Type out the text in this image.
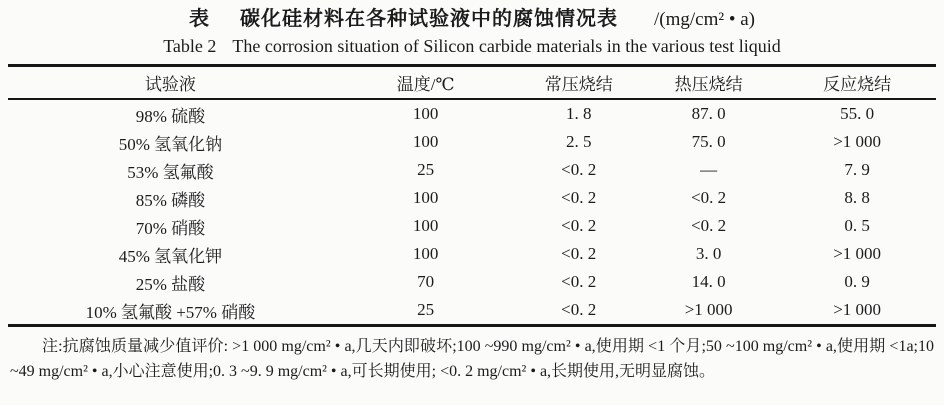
表 碳化硅材料在各种试验液中的腐蚀情况表 /(mg/cm² • a)
Table 2 The corrosion situation of Silicon carbide materials in the various test liquid
试验液	温度/℃	常压烧结	热压烧结	反应烧结
98% 硫酸	100	1. 8	87. 0	55. 0
50% 氢氧化钠	100	2. 5	75. 0	>1 000
53% 氢氟酸	25	<0. 2	—	7. 9
85% 磷酸	100	<0. 2	<0. 2	8. 8
70% 硝酸	100	<0. 2	<0. 2	0. 5
45% 氢氧化钾	100	<0. 2	3. 0	>1 000
25% 盐酸	70	<0. 2	14. 0	0. 9
10% 氢氟酸 +57% 硝酸	25	<0. 2	>1 000	>1 000

注:抗腐蚀质量减少值评价: >1 000 mg/cm² • a,几天内即破坏;100 ~990 mg/cm² • a,使用期 <1 个月;50 ~100 mg/cm² • a,使用期 <1a;10 ~49 mg/cm² • a,小心注意使用;0. 3 ~9. 9 mg/cm² • a,可长期使用; <0. 2 mg/cm² • a,长期使用,无明显腐蚀。
